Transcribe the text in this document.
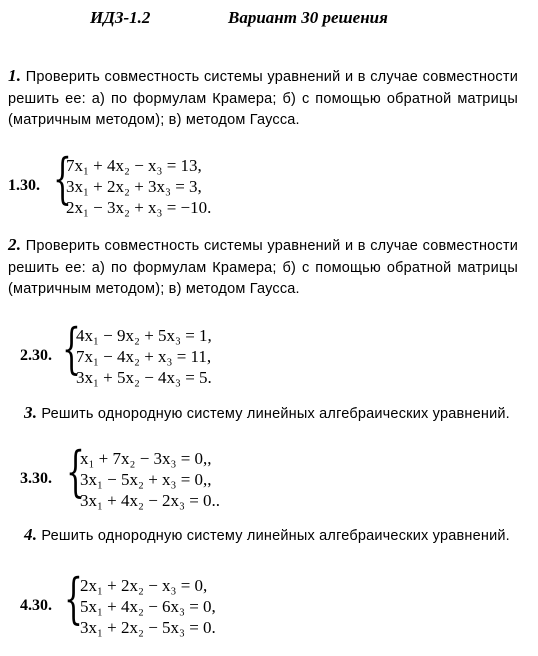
ИДЗ-1.2	Вариант 30 решения
1. Проверить совместность системы уравнений и в случае совместности решить ее: а) по формулам Крамера; б) с помощью обратной матрицы (матричным методом); в) методом Гаусса.
1.30. {
7x₁ + 4x₂ − x₃ = 13,
3x₁ + 2x₂ + 3x₃ = 3,
2x₁ − 3x₂ + x₃ = −10.
2. Проверить совместность системы уравнений и в случае совместности решить ее: а) по формулам Крамера; б) с помощью обратной матрицы (матричным методом); в) методом Гаусса.
2.30. {
4x₁ − 9x₂ + 5x₃ = 1,
7x₁ − 4x₂ + x₃ = 11,
3x₁ + 5x₂ − 4x₃ = 5.
3. Решить однородную систему линейных алгебраических уравнений.
3.30. {
x₁ + 7x₂ − 3x₃ = 0,,
3x₁ − 5x₂ + x₃ = 0,,
3x₁ + 4x₂ − 2x₃ = 0..
4. Решить однородную систему линейных алгебраических уравнений.
4.30. {
2x₁ + 2x₂ − x₃ = 0,
5x₁ + 4x₂ − 6x₃ = 0,
3x₁ + 2x₂ − 5x₃ = 0.
